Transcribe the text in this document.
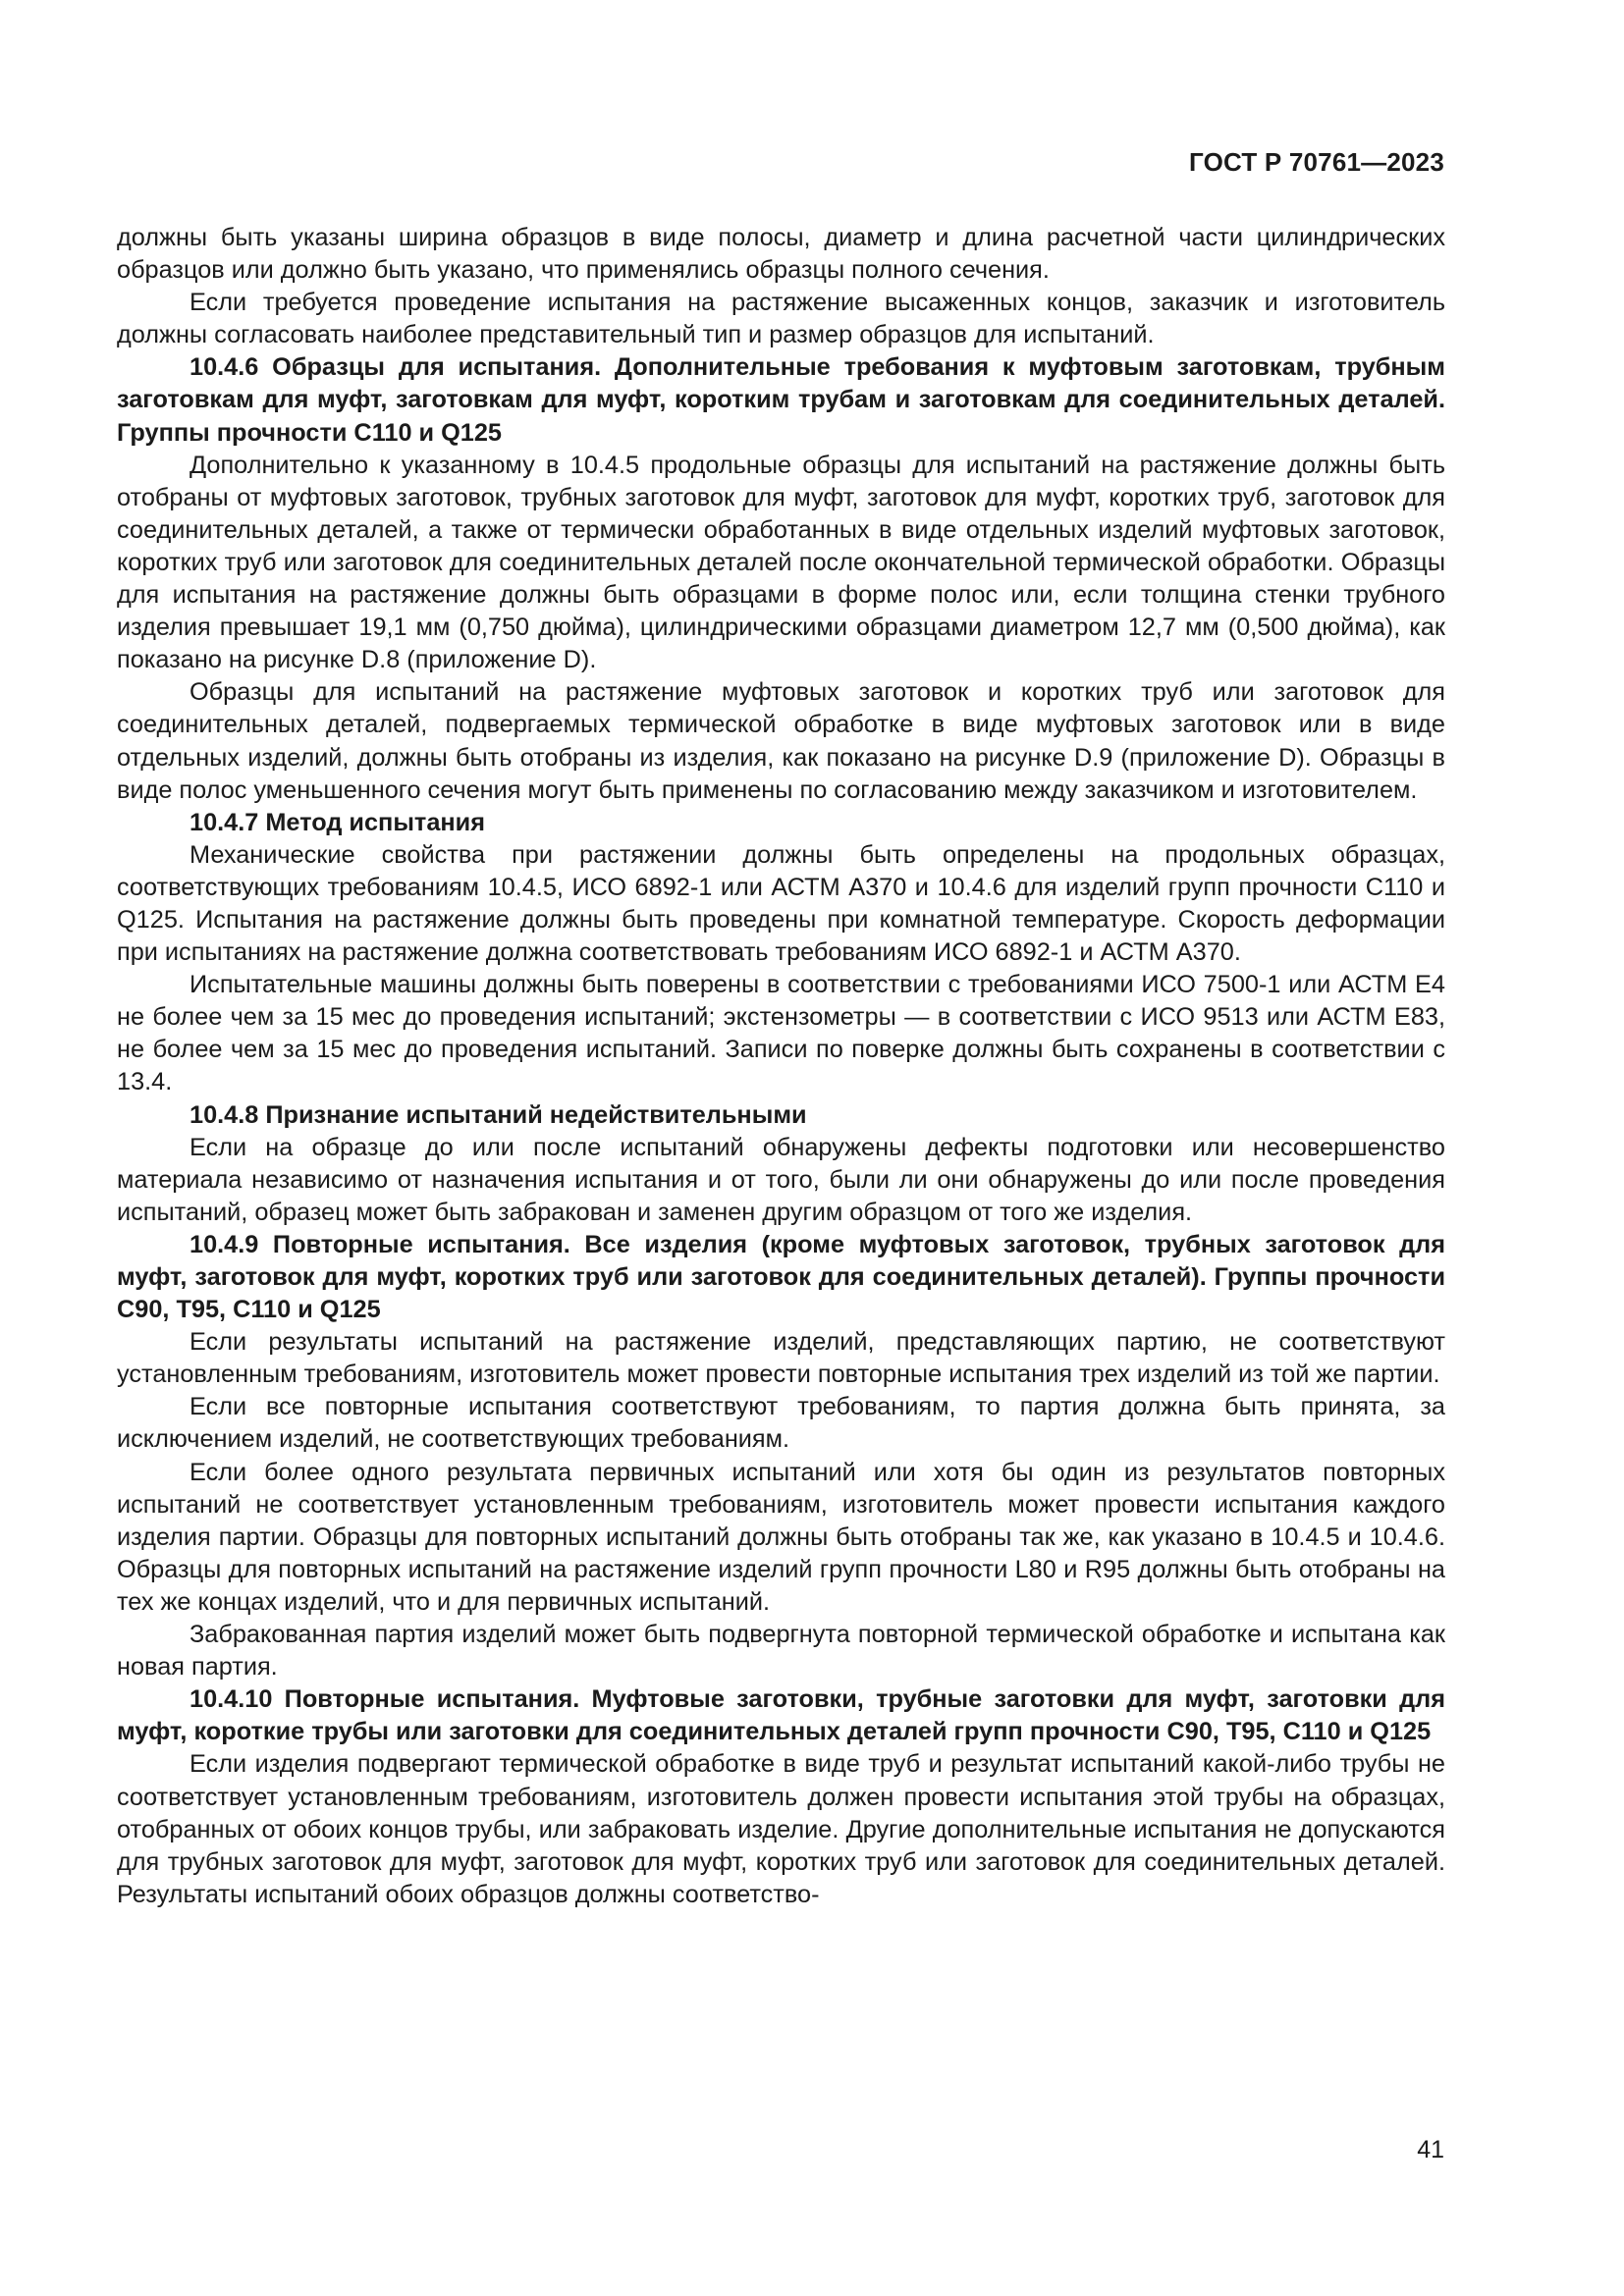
ГОСТ Р 70761—2023

должны быть указаны ширина образцов в виде полосы, диаметр и длина расчетной части цилиндрических образцов или должно быть указано, что применялись образцы полного сечения.

Если требуется проведение испытания на растяжение высаженных концов, заказчик и изготовитель должны согласовать наиболее представительный тип и размер образцов для испытаний.

10.4.6 Образцы для испытания. Дополнительные требования к муфтовым заготовкам, трубным заготовкам для муфт, заготовкам для муфт, коротким трубам и заготовкам для соединительных деталей. Группы прочности С110 и Q125

Дополнительно к указанному в 10.4.5 продольные образцы для испытаний на растяжение должны быть отобраны от муфтовых заготовок, трубных заготовок для муфт, заготовок для муфт, коротких труб, заготовок для соединительных деталей, а также от термически обработанных в виде отдельных изделий муфтовых заготовок, коротких труб или заготовок для соединительных деталей после окончательной термической обработки. Образцы для испытания на растяжение должны быть образцами в форме полос или, если толщина стенки трубного изделия превышает 19,1 мм (0,750 дюйма), цилиндрическими образцами диаметром 12,7 мм (0,500 дюйма), как показано на рисунке D.8 (приложение D).

Образцы для испытаний на растяжение муфтовых заготовок и коротких труб или заготовок для соединительных деталей, подвергаемых термической обработке в виде муфтовых заготовок или в виде отдельных изделий, должны быть отобраны из изделия, как показано на рисунке D.9 (приложение D). Образцы в виде полос уменьшенного сечения могут быть применены по согласованию между заказчиком и изготовителем.

10.4.7 Метод испытания

Механические свойства при растяжении должны быть определены на продольных образцах, соответствующих требованиям 10.4.5, ИСО 6892-1 или АСТМ А370 и 10.4.6 для изделий групп прочности С110 и Q125. Испытания на растяжение должны быть проведены при комнатной температуре. Скорость деформации при испытаниях на растяжение должна соответствовать требованиям ИСО 6892-1 и АСТМ А370.

Испытательные машины должны быть поверены в соответствии с требованиями ИСО 7500-1 или АСТМ Е4 не более чем за 15 мес до проведения испытаний; экстензометры — в соответствии с ИСО 9513 или АСТМ Е83, не более чем за 15 мес до проведения испытаний. Записи по поверке должны быть сохранены в соответствии с 13.4.

10.4.8 Признание испытаний недействительными

Если на образце до или после испытаний обнаружены дефекты подготовки или несовершенство материала независимо от назначения испытания и от того, были ли они обнаружены до или после проведения испытаний, образец может быть забракован и заменен другим образцом от того же изделия.

10.4.9 Повторные испытания. Все изделия (кроме муфтовых заготовок, трубных заготовок для муфт, заготовок для муфт, коротких труб или заготовок для соединительных деталей). Группы прочности С90, Т95, С110 и Q125

Если результаты испытаний на растяжение изделий, представляющих партию, не соответствуют установленным требованиям, изготовитель может провести повторные испытания трех изделий из той же партии.

Если все повторные испытания соответствуют требованиям, то партия должна быть принята, за исключением изделий, не соответствующих требованиям.

Если более одного результата первичных испытаний или хотя бы один из результатов повторных испытаний не соответствует установленным требованиям, изготовитель может провести испытания каждого изделия партии. Образцы для повторных испытаний должны быть отобраны так же, как указано в 10.4.5 и 10.4.6. Образцы для повторных испытаний на растяжение изделий групп прочности L80 и R95 должны быть отобраны на тех же концах изделий, что и для первичных испытаний.

Забракованная партия изделий может быть подвергнута повторной термической обработке и испытана как новая партия.

10.4.10 Повторные испытания. Муфтовые заготовки, трубные заготовки для муфт, заготовки для муфт, короткие трубы или заготовки для соединительных деталей групп прочности С90, Т95, С110 и Q125

Если изделия подвергают термической обработке в виде труб и результат испытаний какой-либо трубы не соответствует установленным требованиям, изготовитель должен провести испытания этой трубы на образцах, отобранных от обоих концов трубы, или забраковать изделие. Другие дополнительные испытания не допускаются для трубных заготовок для муфт, заготовок для муфт, коротких труб или заготовок для соединительных деталей. Результаты испытаний обоих образцов должны соответство-

41
